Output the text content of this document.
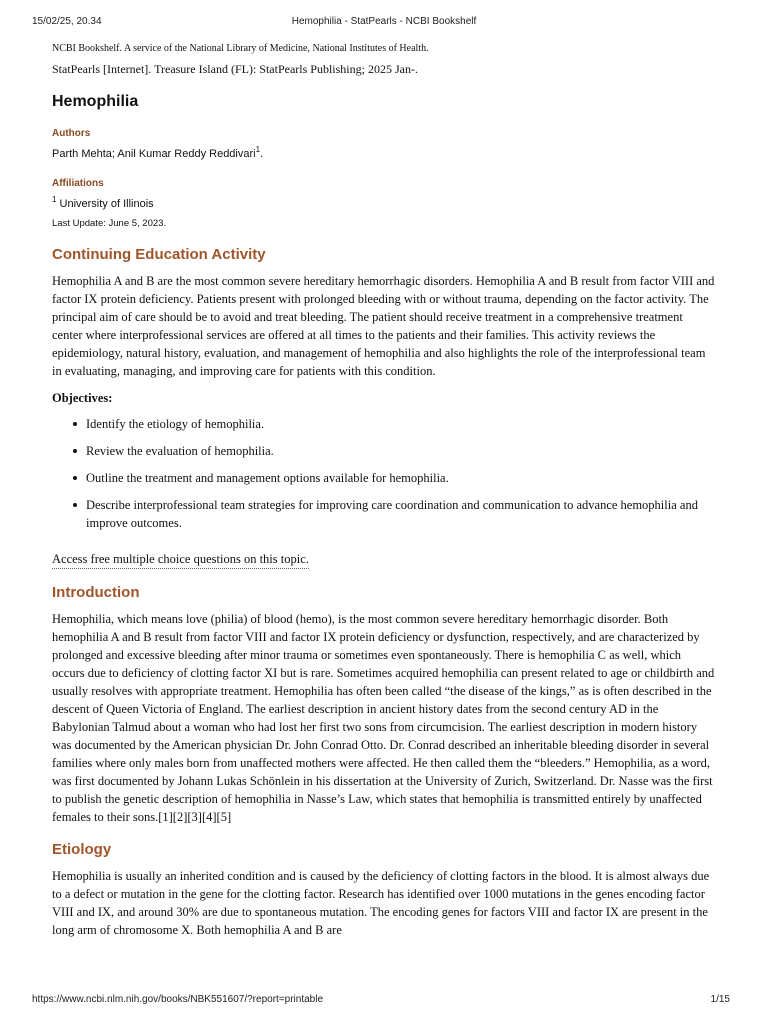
15/02/25, 20.34	Hemophilia - StatPearls - NCBI Bookshelf

NCBI Bookshelf. A service of the National Library of Medicine, National Institutes of Health.

StatPearls [Internet]. Treasure Island (FL): StatPearls Publishing; 2025 Jan-.

Hemophilia
Authors
Parth Mehta; Anil Kumar Reddy Reddivari$^1$.
Affiliations
$^1$ University of Illinois
Last Update: June 5, 2023.
Continuing Education Activity

Hemophilia A and B are the most common severe hereditary hemorrhagic disorders. Hemophilia A and B result from factor VIII and factor IX protein deficiency. Patients present with prolonged bleeding with or without trauma, depending on the factor activity. The principal aim of care should be to avoid and treat bleeding. The patient should receive treatment in a comprehensive treatment center where interprofessional services are offered at all times to the patients and their families. This activity reviews the epidemiology, natural history, evaluation, and management of hemophilia and also highlights the role of the interprofessional team in evaluating, managing, and improving care for patients with this condition.

Objectives:

Identify the etiology of hemophilia.
Review the evaluation of hemophilia.
Outline the treatment and management options available for hemophilia.
Describe interprofessional team strategies for improving care coordination and communication to advance hemophilia and improve outcomes.
Access free multiple choice questions on this topic.
Introduction

Hemophilia, which means love (philia) of blood (hemo), is the most common severe hereditary hemorrhagic disorder. Both hemophilia A and B result from factor VIII and factor IX protein deficiency or dysfunction, respectively, and are characterized by prolonged and excessive bleeding after minor trauma or sometimes even spontaneously. There is hemophilia C as well, which occurs due to deficiency of clotting factor XI but is rare. Sometimes acquired hemophilia can present related to age or childbirth and usually resolves with appropriate treatment. Hemophilia has often been called “the disease of the kings,” as is often described in the descent of Queen Victoria of England. The earliest description in ancient history dates from the second century AD in the Babylonian Talmud about a woman who had lost her first two sons from circumcision. The earliest description in modern history was documented by the American physician Dr. John Conrad Otto. Dr. Conrad described an inheritable bleeding disorder in several families where only males born from unaffected mothers were affected. He then called them the “bleeders.” Hemophilia, as a word, was first documented by Johann Lukas Schönlein in his dissertation at the University of Zurich, Switzerland. Dr. Nasse was the first to publish the genetic description of hemophilia in Nasse’s Law, which states that hemophilia is transmitted entirely by unaffected females to their sons.[1][2][3][4][5]

Etiology

Hemophilia is usually an inherited condition and is caused by the deficiency of clotting factors in the blood. It is almost always due to a defect or mutation in the gene for the clotting factor. Research has identified over 1000 mutations in the genes encoding factor VIII and IX, and around 30% are due to spontaneous mutation. The encoding genes for factors VIII and factor IX are present in the long arm of chromosome X. Both hemophilia A and B are

https://www.ncbi.nlm.nih.gov/books/NBK551607/?report=printable	1/15
